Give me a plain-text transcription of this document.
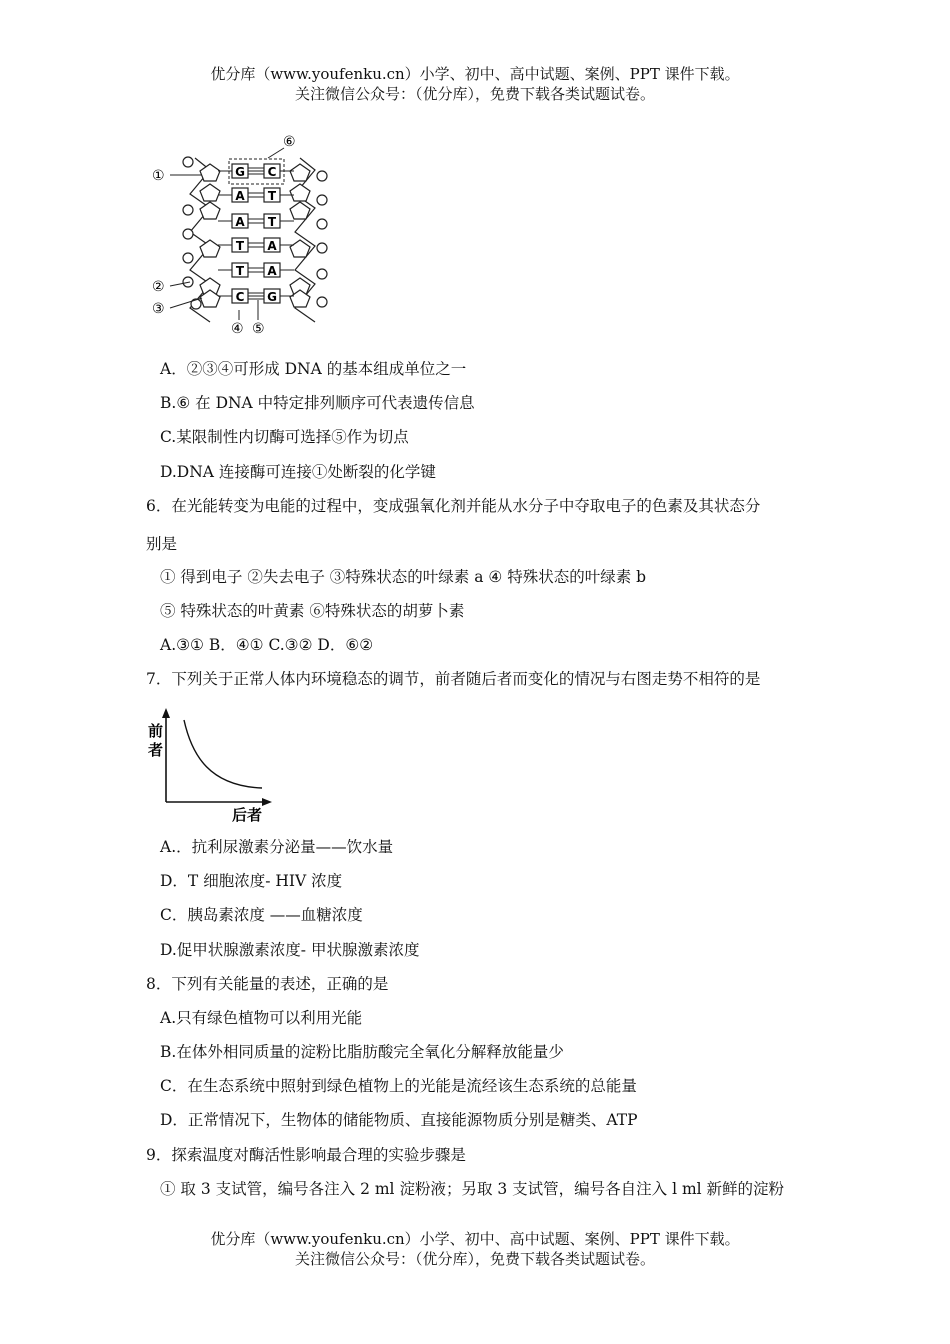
优分库（www.youfenku.cn）小学、初中、高中试题、案例、PPT 课件下载。
关注微信公众号：（优分库），免费下载各类试题试卷。
⑥
G C
A T
A T
T A
T A
C G
①
②
③
④ ⑤
A．②③④可形成 DNA 的基本组成单位之一
B.⑥ 在 DNA 中特定排列顺序可代表遗传信息
C.某限制性内切酶可选择⑤作为切点
D.DNA 连接酶可连接①处断裂的化学键
6．在光能转变为电能的过程中，变成强氧化剂并能从水分子中夺取电子的色素及其状态分
别是
① 得到电子 ②失去电子 ③特殊状态的叶绿素 a ④ 特殊状态的叶绿素 b
⑤ 特殊状态的叶黄素 ⑥特殊状态的胡萝卜素
A.③① B．④① C.③② D．⑥②
7．下列关于正常人体内环境稳态的调节，前者随后者而变化的情况与右图走势不相符的是
前
者
后者
A.．抗利尿激素分泌量——饮水量
D．T 细胞浓度- HIV 浓度
C．胰岛素浓度 ——血糖浓度
D.促甲状腺激素浓度- 甲状腺激素浓度
8．下列有关能量的表述，正确的是
A.只有绿色植物可以利用光能
B.在体外相同质量的淀粉比脂肪酸完全氧化分解释放能量少
C．在生态系统中照射到绿色植物上的光能是流经该生态系统的总能量
D．正常情况下，生物体的储能物质、直接能源物质分别是糖类、ATP
9．探索温度对酶活性影响最合理的实验步骤是
① 取 3 支试管，编号各注入 2 ml 淀粉液；另取 3 支试管，编号各自注入 l ml 新鲜的淀粉
优分库（www.youfenku.cn）小学、初中、高中试题、案例、PPT 课件下载。
关注微信公众号：（优分库），免费下载各类试题试卷。
